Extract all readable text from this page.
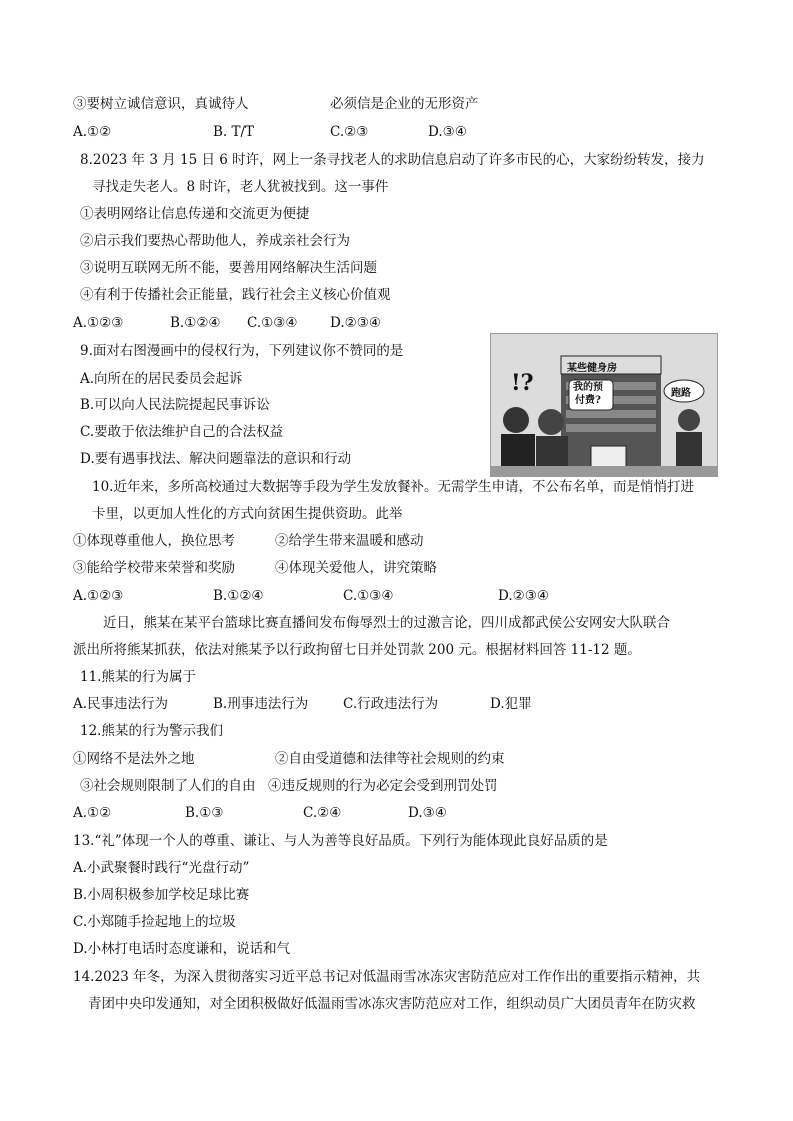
③要树立诚信意识，真诚待人	必须信是企业的无形资产
A.①②	B. T/T	C.②③	D.③④
8.2023 年 3 月 15 日 6 时许，网上一条寻找老人的求助信息启动了许多市民的心，大家纷纷转发，接力
寻找走失老人。8 时许，老人犹被找到。这一事件
①表明网络让信息传递和交流更为便捷
②启示我们要热心帮助他人，养成亲社会行为
③说明互联网无所不能，要善用网络解决生活问题
④有利于传播社会正能量，践行社会主义核心价值观
A.①②③	B.①②④ C.①③④ D.②③④
9.面对右图漫画中的侵权行为，下列建议你不赞同的是
A.向所在的居民委员会起诉
B.可以向人民法院提起民事诉讼
C.要敢于依法维护自己的合法权益
D.要有遇事找法、解决问题靠法的意识和行动
某些健身房
我的预
付费?
跑路
!?
10.近年来，多所高校通过大数据等手段为学生发放餐补。无需学生申请，不公布名单，而是悄悄打进
卡里，以更加人性化的方式向贫困生提供资助。此举
①体现尊重他人，换位思考	②给学生带来温暖和感动
③能给学校带来荣誉和奖励	④体现关爱他人，讲究策略
A.①②③	B.①②④	C.①③④	D.②③④
近日，熊某在某平台篮球比赛直播间发布侮辱烈士的过激言论，四川成都武侯公安网安大队联合
派出所将熊某抓获，依法对熊某予以行政拘留七日并处罚款 200 元。根据材料回答 11-12 题。
11.熊某的行为属于
A.民事违法行为	B.刑事违法行为	C.行政违法行为	D.犯罪
12.熊某的行为警示我们
①网络不是法外之地	②自由受道德和法律等社会规则的约束
③社会规则限制了人们的自由 ④违反规则的行为必定会受到刑罚处罚
A.①②	B.①③	C.②④	D.③④
13.“礼”体现一个人的尊重、谦让、与人为善等良好品质。下列行为能体现此良好品质的是
A.小武聚餐时践行“光盘行动”
B.小周积极参加学校足球比赛
C.小郑随手捡起地上的垃圾
D.小林打电话时态度谦和，说话和气
14.2023 年冬，为深入贯彻落实习近平总书记对低温雨雪冰冻灾害防范应对工作作出的重要指示精神，共
青团中央印发通知，对全团积极做好低温雨雪冰冻灾害防范应对工作，组织动员广大团员青年在防灾救
